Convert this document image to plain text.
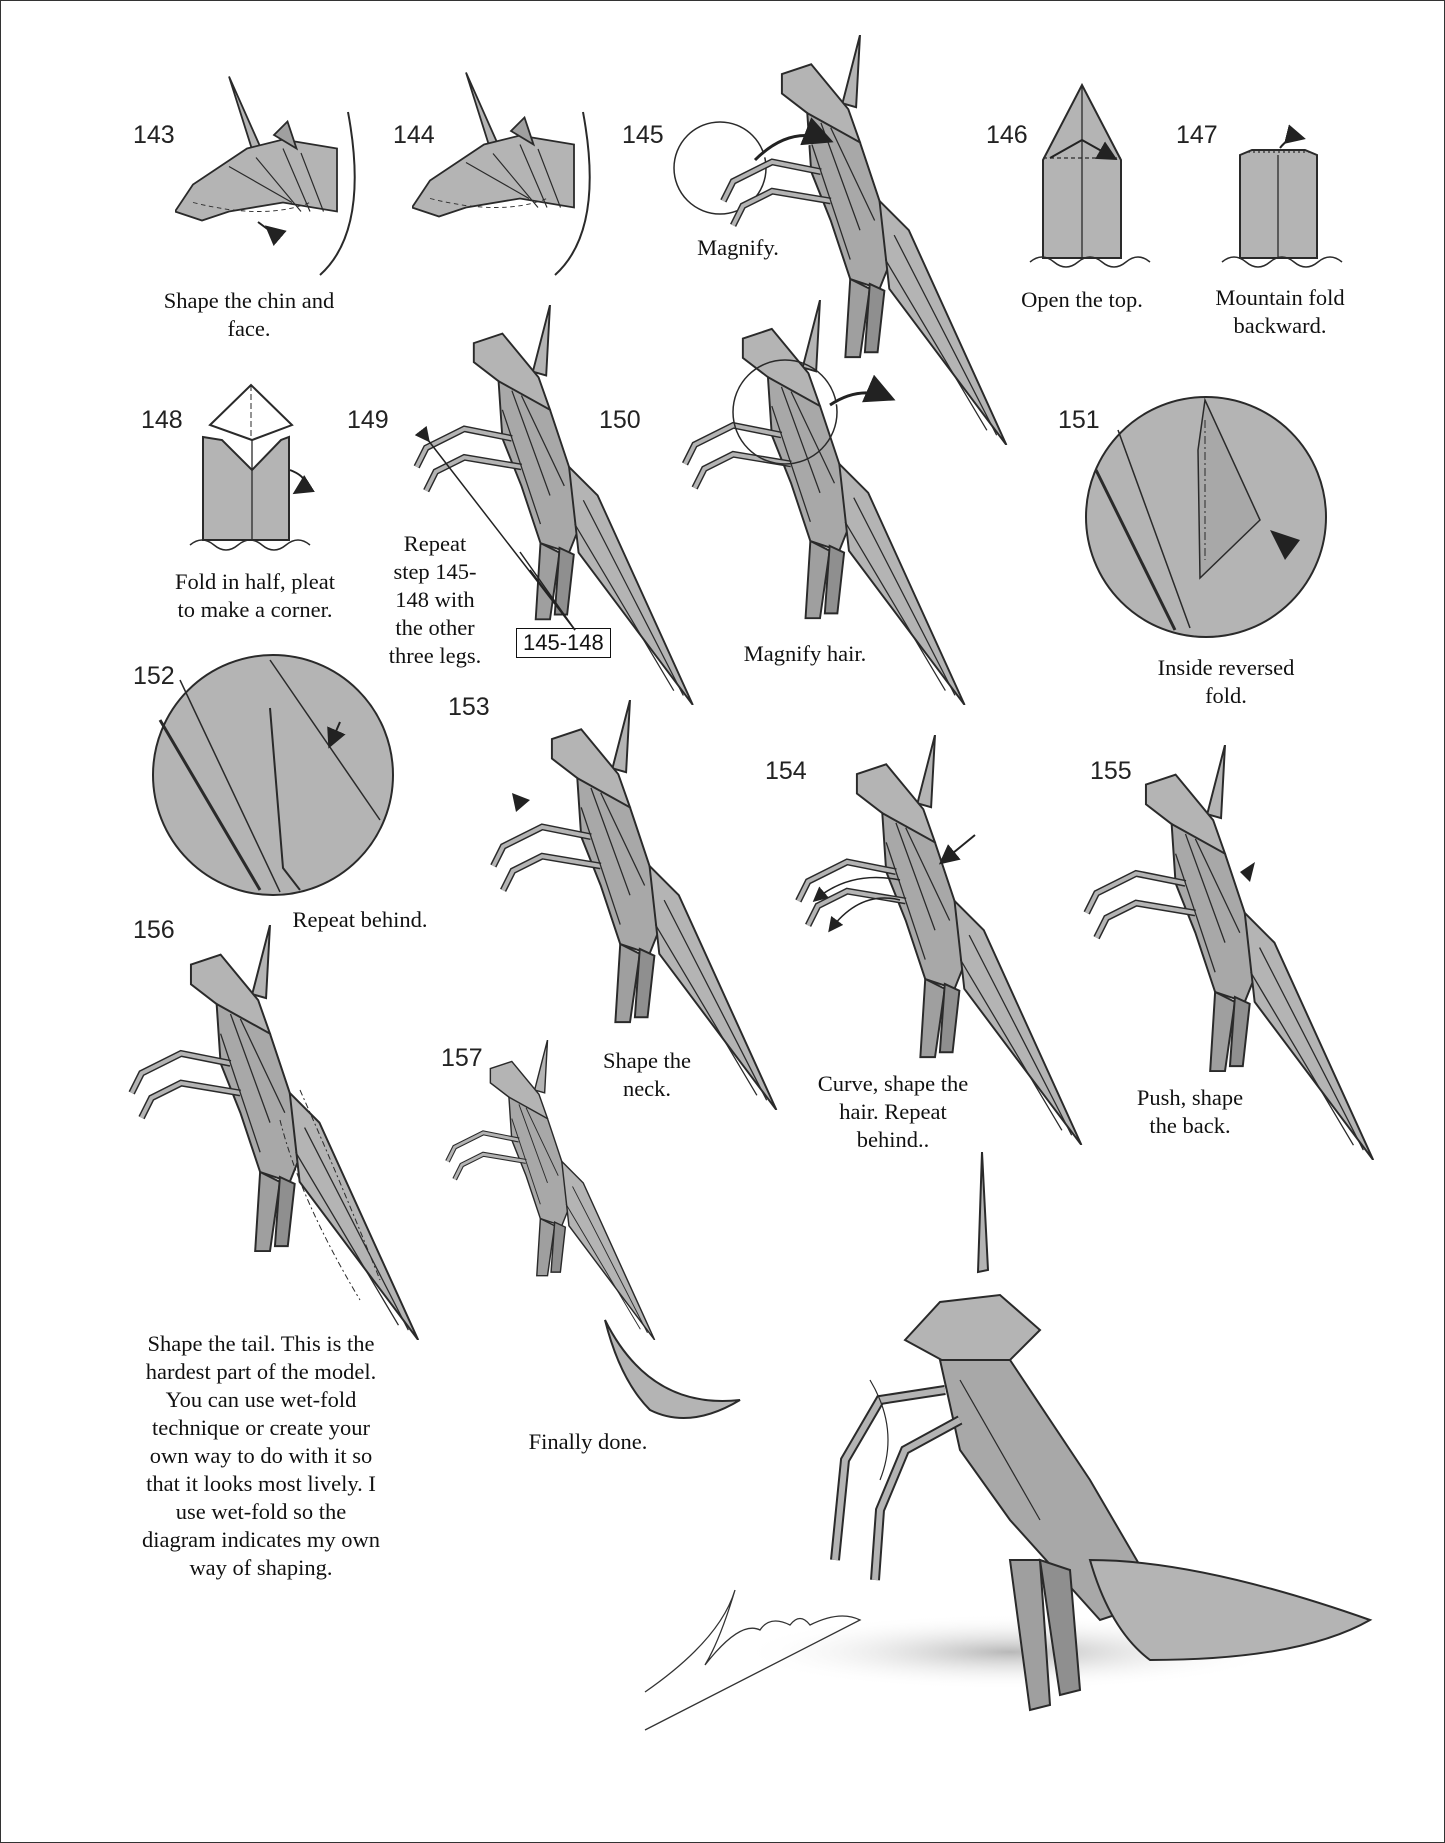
143	144	145	146	147
148	149	150	151
152
153
154	155
156
157
Shape the chin and
face.
Magnify.
Open the top.	Mountain fold
backward.
Fold in half, pleat
to make a corner.
Repeat
step 145-
148 with
the other
three legs.	Magnify hair.
Inside reversed
fold.
Repeat behind.
Shape the
neck.	Curve, shape the
hair. Repeat
behind..
Push, shape
the back.
Shape the tail. This is the
hardest part of the model.
You can use wet-fold
technique or create your
own way to do with it so
that it looks most lively. I
use wet-fold so the
diagram indicates my own
way of shaping.
Finally done.
145-148
